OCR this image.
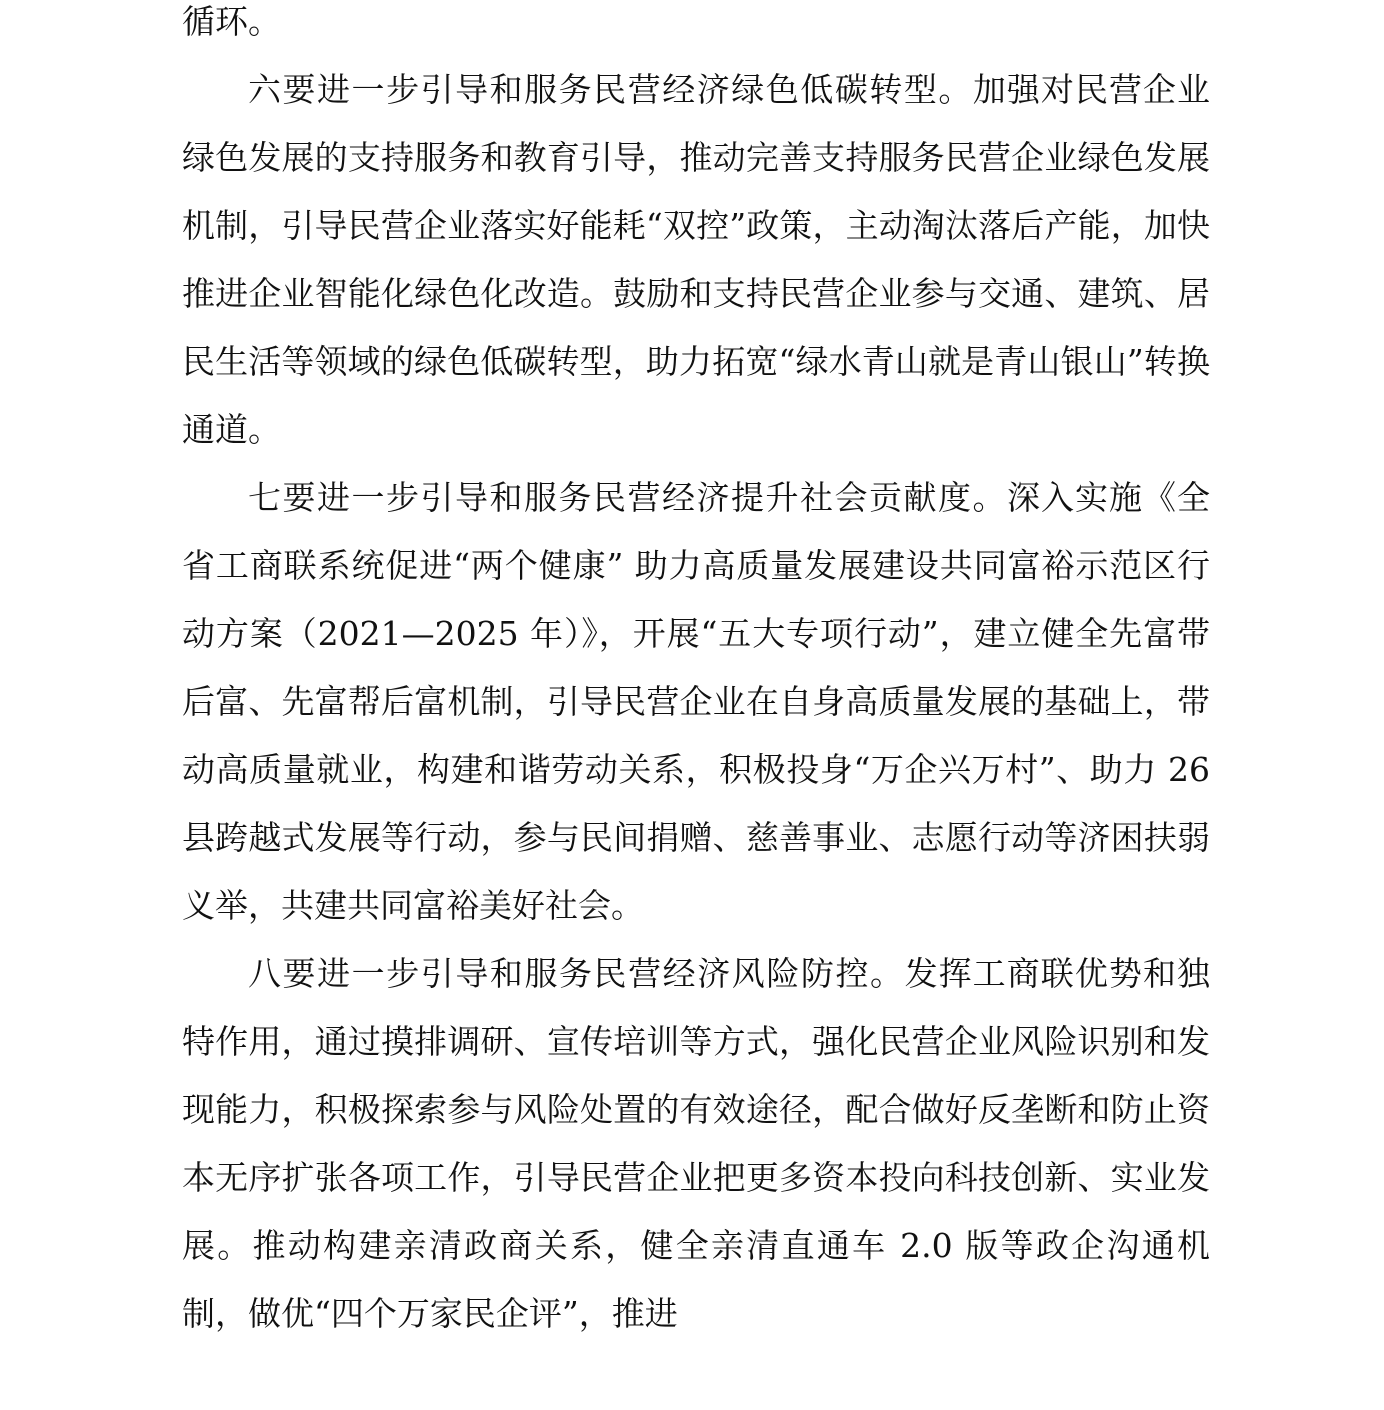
循环。

六要进一步引导和服务民营经济绿色低碳转型。加强对民营企业绿色发展的支持服务和教育引导，推动完善支持服务民营企业绿色发展机制，引导民营企业落实好能耗“双控”政策，主动淘汰落后产能，加快推进企业智能化绿色化改造。鼓励和支持民营企业参与交通、建筑、居民生活等领域的绿色低碳转型，助力拓宽“绿水青山就是青山银山”转换通道。

七要进一步引导和服务民营经济提升社会贡献度。深入实施《全省工商联系统促进“两个健康” 助力高质量发展建设共同富裕示范区行动方案（2021—2025 年）》，开展“五大专项行动”，建立健全先富带后富、先富帮后富机制，引导民营企业在自身高质量发展的基础上，带动高质量就业，构建和谐劳动关系，积极投身“万企兴万村”、助力 26 县跨越式发展等行动，参与民间捐赠、慈善事业、志愿行动等济困扶弱义举，共建共同富裕美好社会。

八要进一步引导和服务民营经济风险防控。发挥工商联优势和独特作用，通过摸排调研、宣传培训等方式，强化民营企业风险识别和发现能力，积极探索参与风险处置的有效途径，配合做好反垄断和防止资本无序扩张各项工作，引导民营企业把更多资本投向科技创新、实业发展。推动构建亲清政商关系，健全亲清直通车 2.0 版等政企沟通机制，做优“四个万家民企评”，推进
